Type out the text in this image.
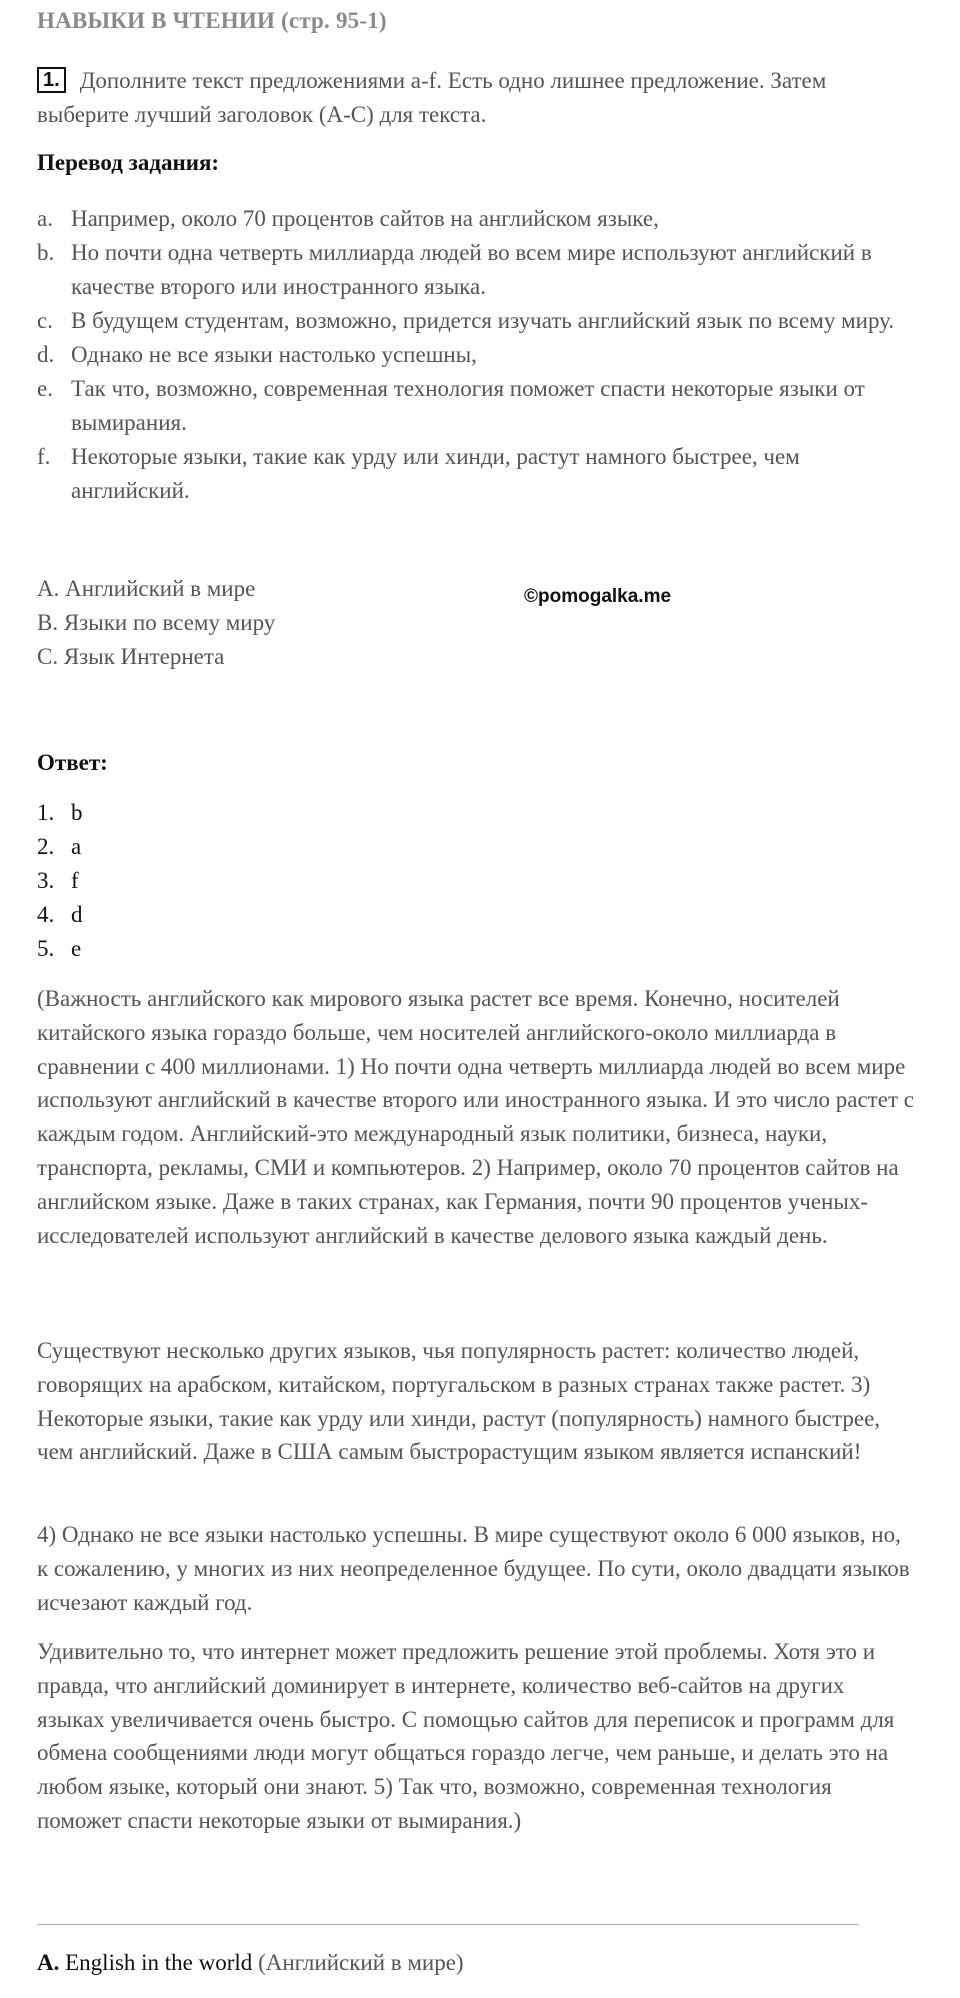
НАВЫКИ В ЧТЕНИИ (стр. 95-1)
1. Дополните текст предложениями a-f. Есть одно лишнее предложение. Затем выберите лучший заголовок (A-C) для текста.
Перевод задания:
a. Например, около 70 процентов сайтов на английском языке,
b. Но почти одна четверть миллиарда людей во всем мире используют английский в качестве второго или иностранного языка.
c. В будущем студентам, возможно, придется изучать английский язык по всему миру.
d. Однако не все языки настолько успешны,
e. Так что, возможно, современная технология поможет спасти некоторые языки от вымирания.
f. Некоторые языки, такие как урду или хинди, растут намного быстрее, чем английский.
A. Английский в мире
B. Языки по всему миру
C. Язык Интернета
©pomogalka.me
Ответ:
1. b
2. a
3. f
4. d
5. e

(Важность английского как мирового языка растет все время. Конечно, носителей китайского языка гораздо больше, чем носителей английского-около миллиарда в сравнении с 400 миллионами. 1) Но почти одна четверть миллиарда людей во всем мире используют английский в качестве второго или иностранного языка. И это число растет с каждым годом. Английский-это международный язык политики, бизнеса, науки, транспорта, рекламы, СМИ и компьютеров. 2) Например, около 70 процентов сайтов на английском языке. Даже в таких странах, как Германия, почти 90 процентов ученых-исследователей используют английский в качестве делового языка каждый день.

Существуют несколько других языков, чья популярность растет: количество людей, говорящих на арабском, китайском, португальском в разных странах также растет. 3) Некоторые языки, такие как урду или хинди, растут (популярность) намного быстрее, чем английский. Даже в США самым быстрорастущим языком является испанский!

4) Однако не все языки настолько успешны. В мире существуют около 6 000 языков, но, к сожалению, у многих из них неопределенное будущее. По сути, около двадцати языков исчезают каждый год.

Удивительно то, что интернет может предложить решение этой проблемы. Хотя это и правда, что английский доминирует в интернете, количество веб-сайтов на других языках увеличивается очень быстро. С помощью сайтов для переписок и программ для обмена сообщениями люди могут общаться гораздо легче, чем раньше, и делать это на любом языке, который они знают. 5) Так что, возможно, современная технология поможет спасти некоторые языки от вымирания.)

A. English in the world (Английский в мире)
